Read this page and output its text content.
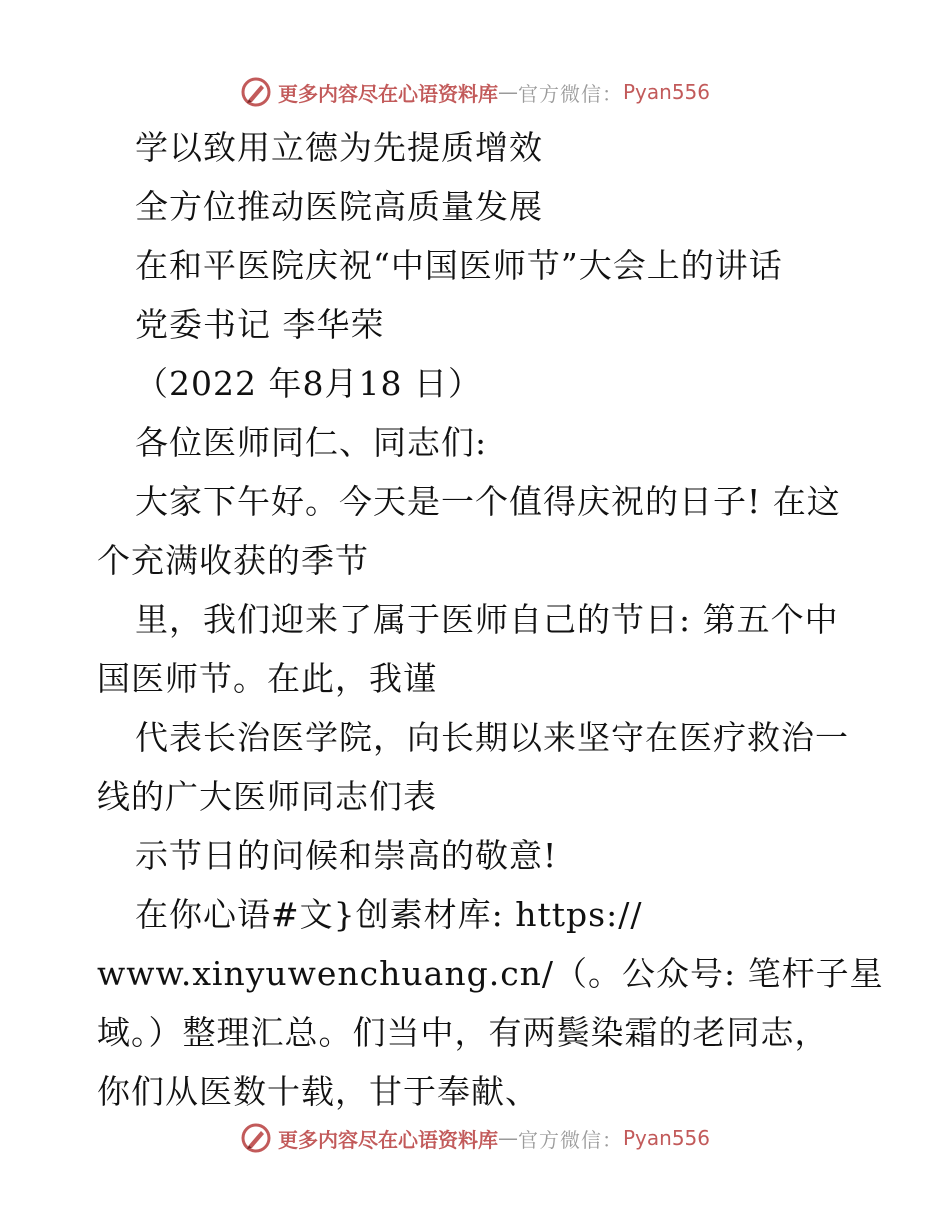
更多内容尽在心语资料库 — 官方微信： Pyan556
学以致用立德为先提质增效
全方位推动医院高质量发展
在和平医院庆祝“中国医师节”大会上的讲话
党委书记 李华荣
（2022 年8月18 日）
各位医师同仁、同志们:
大家下午好。今天是一个值得庆祝的日子! 在这
个充满收获的季节
里，我们迎来了属于医师自己的节日: 第五个中
国医师节。在此，我谨
代表长治医学院，向长期以来坚守在医疗救治一
线的广大医师同志们表
示节日的问候和崇高的敬意!
在你心语#文}创素材库: https://
www.xinyuwenchuang.cn/（。公众号: 笔杆子星
域。）整理汇总。们当中，有两鬓染霜的老同志，
你们从医数十载，甘于奉献、
更多内容尽在心语资料库 — 官方微信： Pyan556
